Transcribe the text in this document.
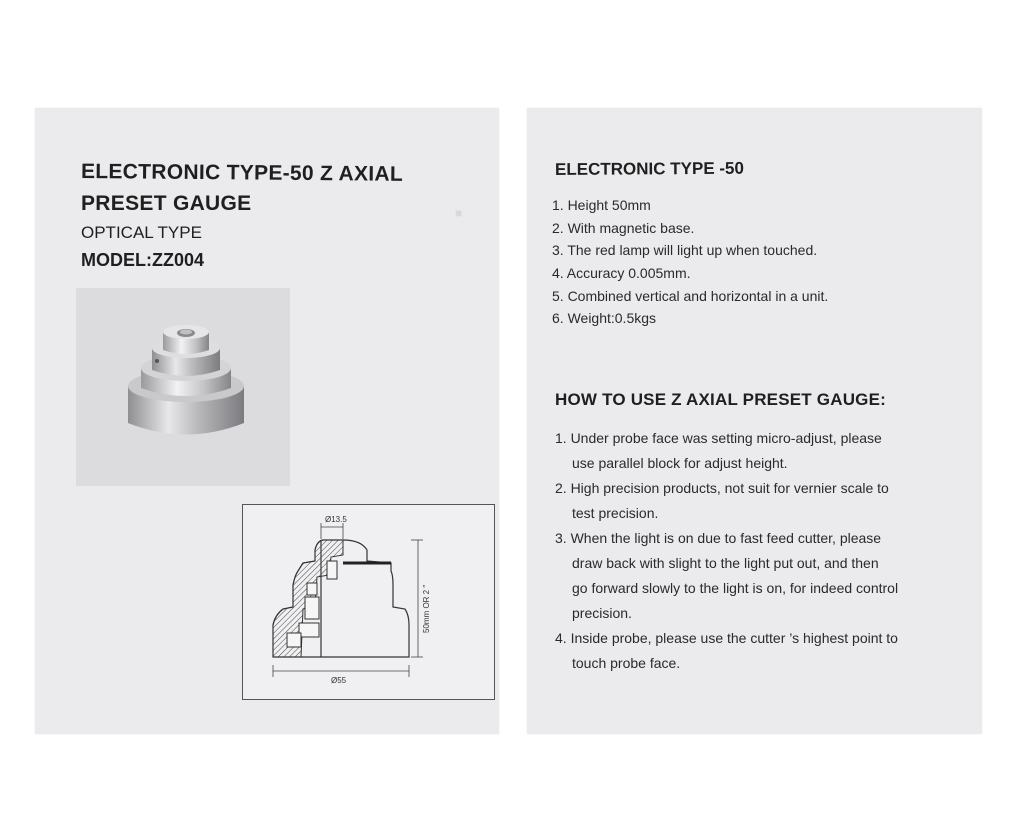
ELECTRONIC TYPE-50 Z AXIAL
PRESET GAUGE
OPTICAL TYPE
MODEL:ZZ004
■
Ø13.5
Ø55
50mm OR 2 "
ELECTRONIC TYPE -50
1. Height 50mm
2. With magnetic base.
3. The red lamp will light up when touched.
4. Accuracy 0.005mm.
5. Combined vertical and horizontal in a unit.
6. Weight:0.5kgs
HOW TO USE Z AXIAL PRESET GAUGE:
1. Under probe face was setting micro-adjust, please
use parallel block for adjust height.
2. High precision products, not suit for vernier scale to
test precision.
3. When the light is on due to fast feed cutter, please
draw back with slight to the light put out, and then
go forward slowly to the light is on, for indeed control
precision.
4. Inside probe, please use the cutter ’s highest point to
touch probe face.
